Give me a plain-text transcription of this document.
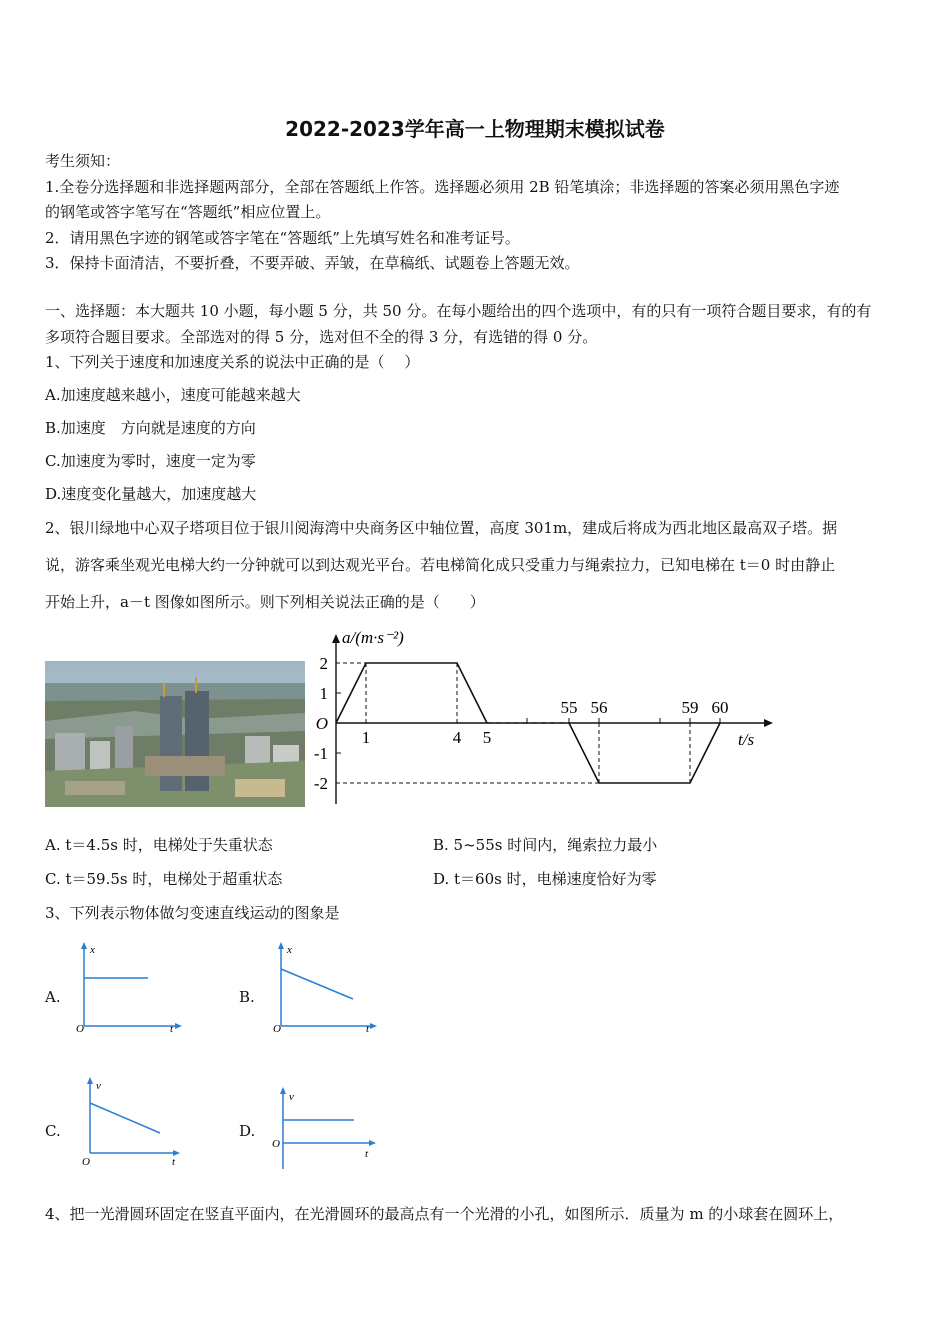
2022-2023学年高一上物理期末模拟试卷
考生须知：
1.全卷分选择题和非选择题两部分，全部在答题纸上作答。选择题必须用 2B 铅笔填涂；非选择题的答案必须用黑色字迹
的钢笔或答字笔写在“答题纸”相应位置上。
2．请用黑色字迹的钢笔或答字笔在“答题纸”上先填写姓名和准考证号。
3．保持卡面清洁，不要折叠，不要弄破、弄皱，在草稿纸、试题卷上答题无效。
一、选择题：本大题共 10 小题，每小题 5 分，共 50 分。在每小题给出的四个选项中，有的只有一项符合题目要求，有的有
多项符合题目要求。全部选对的得 5 分，选对但不全的得 3 分，有选错的得 0 分。
1、下列关于速度和加速度关系的说法中正确的是（　 ）
A.加速度越来越小，速度可能越来越大
B.加速度　方向就是速度的方向
C.加速度为零时，速度一定为零
D.速度变化量越大，加速度越大
2、银川绿地中心双子塔项目位于银川阅海湾中央商务区中轴位置，高度 301m，建成后将成为西北地区最高双子塔。据
说，游客乘坐观光电梯大约一分钟就可以到达观光平台。若电梯简化成只受重力与绳索拉力，已知电梯在 t＝0 时由静止
开始上升，a－t 图像如图所示。则下列相关说法正确的是（　　）
a/(m·s⁻²)
t/s
2
1
O
-1
-2
1	4 5
55 56	59 60
A. t＝4.5s 时，电梯处于失重状态	B. 5~55s 时间内，绳索拉力最小
C. t＝59.5s 时，电梯处于超重状态	D. t＝60s 时，电梯速度恰好为零
3、下列表示物体做匀变速直线运动的图象是
A.
x
O	t
B.
x
O	t
C.
v
O	t
D.
v
O
t
4、把一光滑圆环固定在竖直平面内，在光滑圆环的最高点有一个光滑的小孔，如图所示．质量为 m 的小球套在圆环上，
